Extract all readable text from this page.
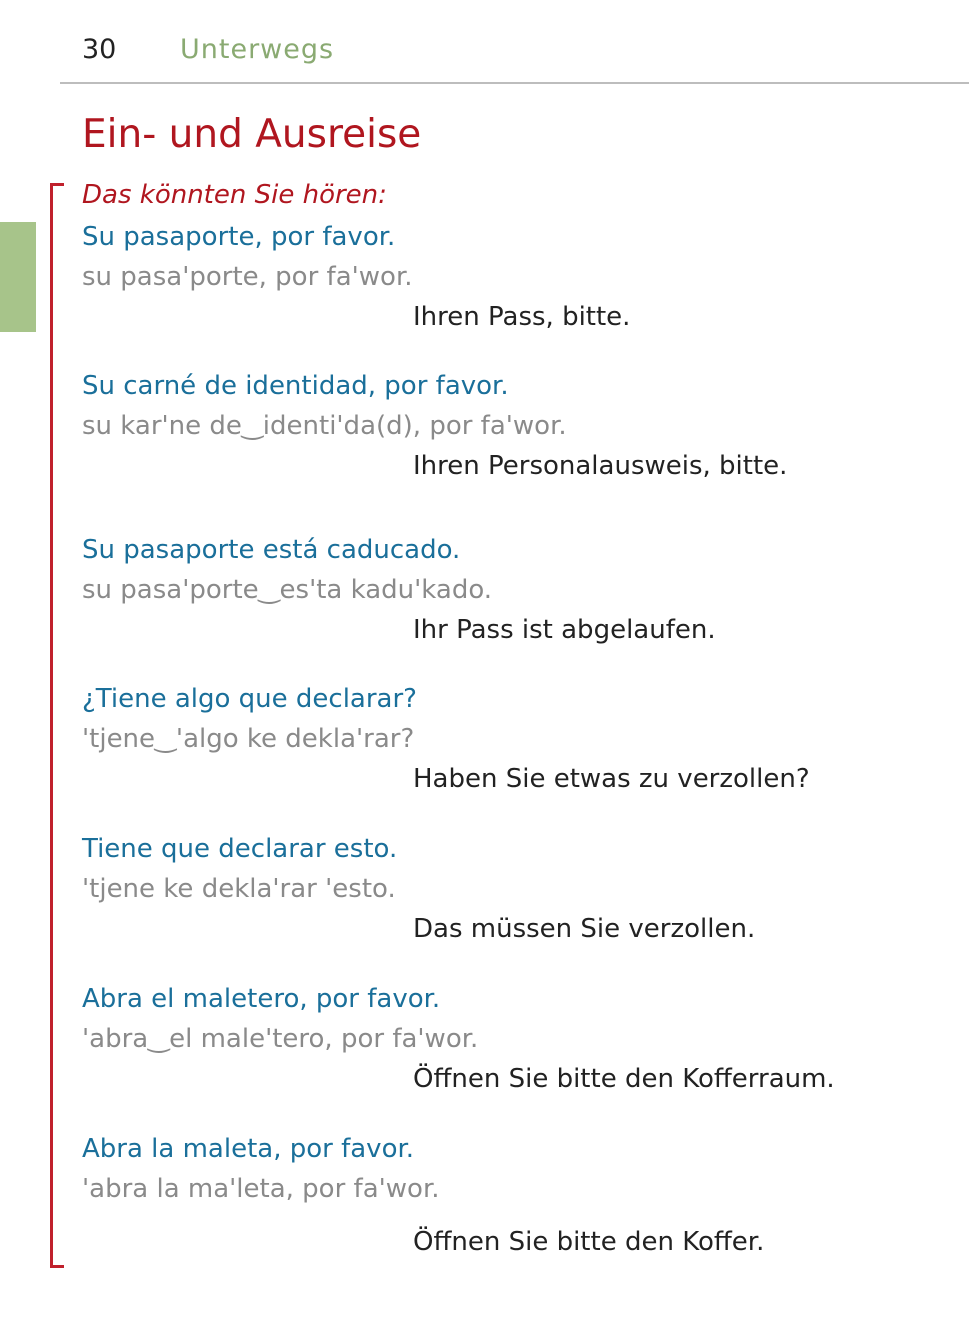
30 Unterwegs
Ein- und Ausreise
Das könnten Sie hören:
Su pasaporte, por favor.
su pasa'porte, por fa'wor.
Ihren Pass, bitte.
Su carné de identidad, por favor.
su kar'ne de‿identi'da(d), por fa'wor.
Ihren Personalausweis, bitte.
Su pasaporte está caducado.
su pasa'porte‿es'ta kadu'kado.
Ihr Pass ist abgelaufen.
¿Tiene algo que declarar?
'tjene‿'algo ke dekla'rar?
Haben Sie etwas zu verzollen?
Tiene que declarar esto.
'tjene ke dekla'rar 'esto.
Das müssen Sie verzollen.
Abra el maletero, por favor.
'abra‿el male'tero, por fa'wor.
Öffnen Sie bitte den Kofferraum.
Abra la maleta, por favor.
'abra la ma'leta, por fa'wor.
Öffnen Sie bitte den Koffer.
